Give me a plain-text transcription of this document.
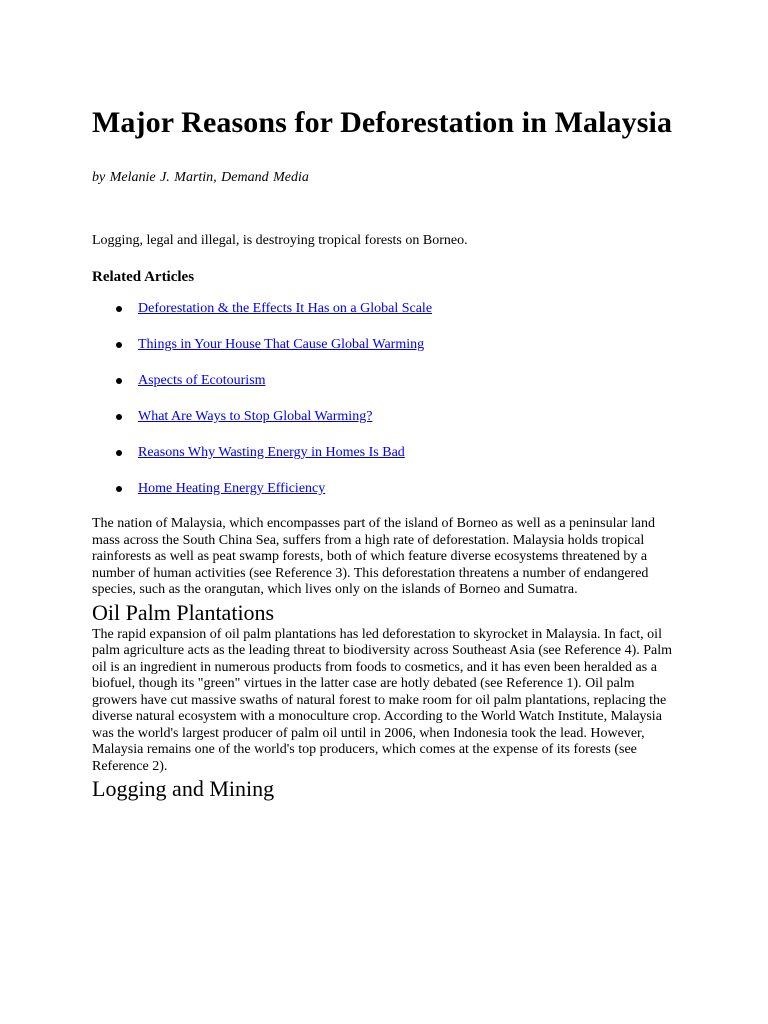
Major Reasons for Deforestation in Malaysia
by Melanie J. Martin, Demand Media
Logging, legal and illegal, is destroying tropical forests on Borneo.
Related Articles
Deforestation & the Effects It Has on a Global Scale
Things in Your House That Cause Global Warming
Aspects of Ecotourism
What Are Ways to Stop Global Warming?
Reasons Why Wasting Energy in Homes Is Bad
Home Heating Energy Efficiency

The nation of Malaysia, which encompasses part of the island of Borneo as well as a peninsular land mass across the South China Sea, suffers from a high rate of deforestation. Malaysia holds tropical rainforests as well as peat swamp forests, both of which feature diverse ecosystems threatened by a number of human activities (see Reference 3). This deforestation threatens a number of endangered species, such as the orangutan, which lives only on the islands of Borneo and Sumatra.

Oil Palm Plantations

The rapid expansion of oil palm plantations has led deforestation to skyrocket in Malaysia. In fact, oil palm agriculture acts as the leading threat to biodiversity across Southeast Asia (see Reference 4). Palm oil is an ingredient in numerous products from foods to cosmetics, and it has even been heralded as a biofuel, though its "green" virtues in the latter case are hotly debated (see Reference 1). Oil palm growers have cut massive swaths of natural forest to make room for oil palm plantations, replacing the diverse natural ecosystem with a monoculture crop. According to the World Watch Institute, Malaysia was the world's largest producer of palm oil until in 2006, when Indonesia took the lead. However, Malaysia remains one of the world's top producers, which comes at the expense of its forests (see Reference 2).

Logging and Mining
